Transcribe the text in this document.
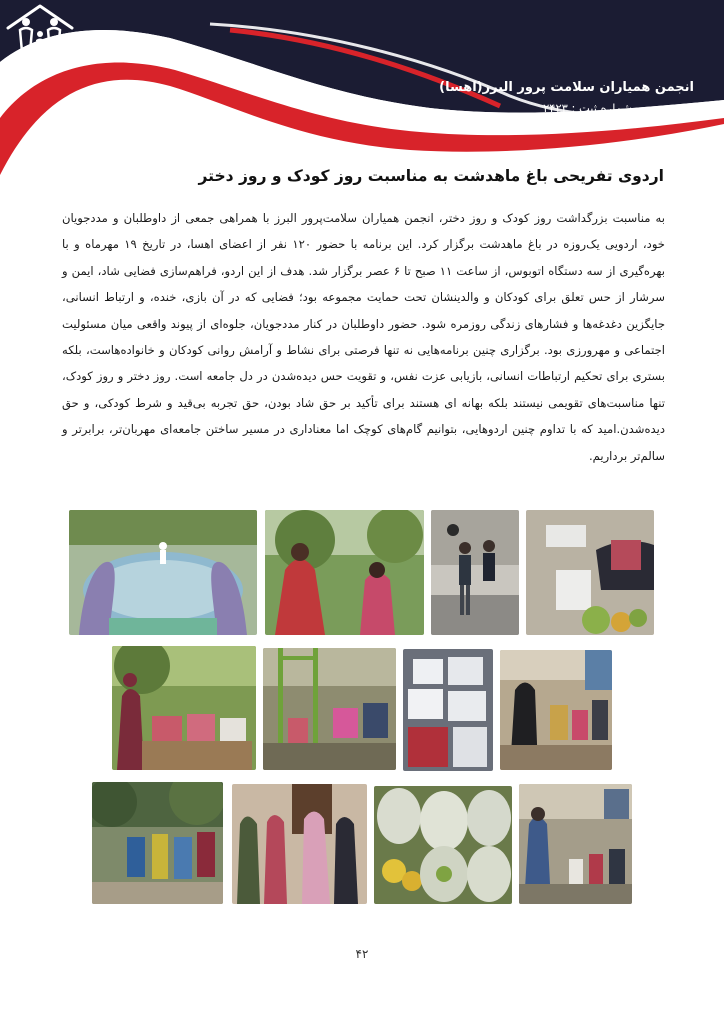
انجمن همیاران سلامت پرور البرز(اهسا)
شماره ثبت : ۲۴۲۳
اردوی تفریحی باغ ماهدشت به مناسبت روز کودک و روز دختر

به مناسبت بزرگداشت روز کودک و روز دختر، انجمن همیاران سلامت‌پرور البرز با همراهی جمعی از داوطلبان و مددجویان خود، اردویی یک‌روزه در باغ ماهدشت برگزار کرد. این برنامه با حضور ۱۲۰ نفر از اعضای اهسا، در تاریخ ۱۹ مهرماه و با بهره‌گیری از سه دستگاه اتوبوس، از ساعت ۱۱ صبح تا ۶ عصر برگزار شد. هدف از این اردو، فراهم‌سازی فضایی شاد، ایمن و سرشار از حس تعلق برای کودکان و والدینشان تحت حمایت مجموعه بود؛ فضایی که در آن بازی، خنده، و ارتباط انسانی، جایگزین دغدغه‌ها و فشارهای زندگی روزمره شود. حضور داوطلبان در کنار مددجویان، جلوه‌ای از پیوند واقعی میان مسئولیت اجتماعی و مهرورزی بود. برگزاری چنین برنامه‌هایی نه تنها فرصتی برای نشاط و آرامش روانی کودکان و خانواده‌هاست، بلکه بستری برای تحکیم ارتباطات انسانی، بازیابی عزت نفس، و تقویت حس دیده‌شدن در دل جامعه است. روز دختر و روز کودک، تنها مناسبت‌های تقویمی نیستند بلکه بهانه ای هستند برای تأکید بر حق شاد بودن، حق تجربه بی‌قید و شرط کودکی، و حق دیده‌شدن.امید که با تداوم چنین اردوهایی، بتوانیم گام‌های کوچک اما معناداری در مسیر ساختن جامعه‌ای مهربان‌تر، برابرتر و سالم‌تر برداریم.

۴۲
